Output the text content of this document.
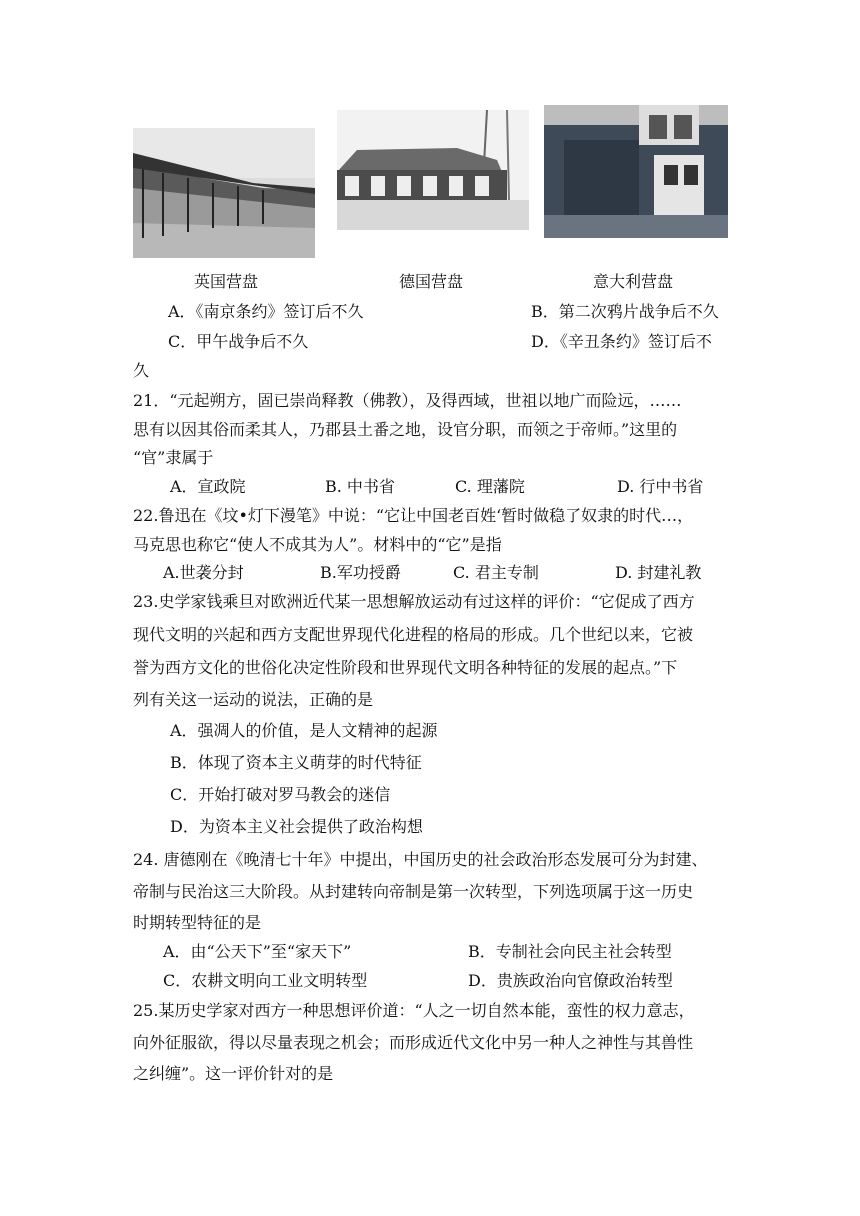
英国营盘	德国营盘	意大利营盘
A．《南京条约》签订后不久	B．第二次鸦片战争后不久
C．甲午战争后不久	D．《辛丑条约》签订后不
久
21．“元起朔方，固已崇尚释教（佛教），及得西域，世祖以地广而险远，……
思有以因其俗而柔其人，乃郡县土番之地，设官分职，而领之于帝师。”这里的
“官”隶属于
A．宣政院	B. 中书省	C. 理藩院	D. 行中书省
22.鲁迅在《坟•灯下漫笔》中说：“它让中国老百姓‘暂时做稳了奴隶的时代…，
马克思也称它“使人不成其为人”。材料中的“它”是指
A.世袭分封	B.军功授爵	C. 君主专制	D. 封建礼教
23.史学家钱乘旦对欧洲近代某一思想解放运动有过这样的评价：“它促成了西方
现代文明的兴起和西方支配世界现代化进程的格局的形成。几个世纪以来，它被
誉为西方文化的世俗化决定性阶段和世界现代文明各种特征的发展的起点。”下
列有关这一运动的说法，正确的是
A．强凋人的价值，是人文精神的起源
B．体现了资本主义萌芽的时代特征
C．开始打破对罗马教会的迷信
D．为资本主义社会提供了政治构想
24. 唐德刚在《晚清七十年》中提出，中国历史的社会政治形态发展可分为封建、
帝制与民治这三大阶段。从封建转向帝制是第一次转型，下列选项属于这一历史
时期转型特征的是
A．由“公天下”至“家天下”	B．专制社会向民主社会转型
C．农耕文明向工业文明转型	D．贵族政治向官僚政治转型
25.某历史学家对西方一种思想评价道：“人之一切自然本能，蛮性的权力意志，
向外征服欲，得以尽量表现之机会；而形成近代文化中另一种人之神性与其兽性
之纠缠”。这一评价针对的是
